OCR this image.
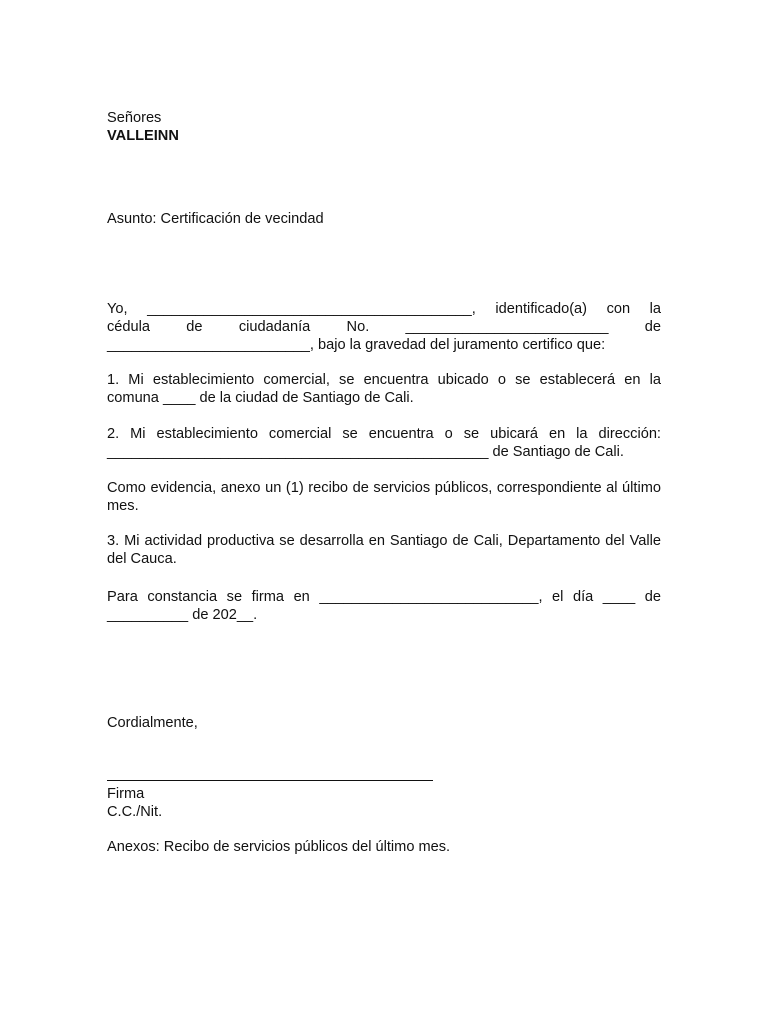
Señores
VALLEINN
Asunto: Certificación de vecindad
Yo, ________________________________________, identificado(a) con la
cédula de ciudadanía No. _________________________ de
_________________________, bajo la gravedad del juramento certifico que:
1. Mi establecimiento comercial, se encuentra ubicado o se establecerá en la
comuna ____ de la ciudad de Santiago de Cali.
2. Mi establecimiento comercial se encuentra o se ubicará en la dirección:
_______________________________________________ de Santiago de Cali.
Como evidencia, anexo un (1) recibo de servicios públicos, correspondiente al último mes.
3. Mi actividad productiva se desarrolla en Santiago de Cali, Departamento del Valle del Cauca.
Para constancia se firma en ___________________________, el día ____ de
__________ de 202__.
Cordialmente,
Firma
C.C./Nit.
Anexos: Recibo de servicios públicos del último mes.
